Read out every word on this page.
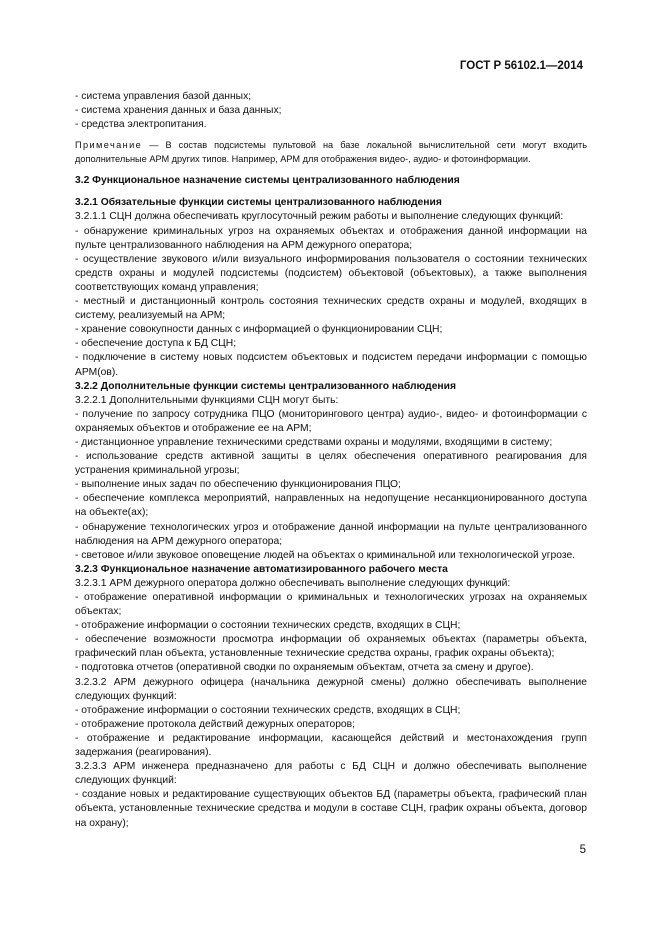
ГОСТ Р 56102.1—2014

- система управления базой данных;

- система хранения данных и база данных;

- средства электропитания.

Примечание — В состав подсистемы пультовой на базе локальной вычислительной сети могут входить дополнительные АРМ других типов. Например, АРМ для отображения видео-, аудио- и фотоинформации.

3.2 Функциональное назначение системы централизованного наблюдения

3.2.1 Обязательные функции системы централизованного наблюдения

3.2.1.1 СЦН должна обеспечивать круглосуточный режим работы и выполнение следующих функций:

- обнаружение криминальных угроз на охраняемых объектах и отображения данной информации на пульте централизованного наблюдения на АРМ дежурного оператора;

- осуществление звукового и/или визуального информирования пользователя о состоянии технических средств охраны и модулей подсистемы (подсистем) объектовой (объектовых), а также выполнения соответствующих команд управления;

- местный и дистанционный контроль состояния технических средств охраны и модулей, входящих в систему, реализуемый на АРМ;

- хранение совокупности данных с информацией о функционировании СЦН;

- обеспечение доступа к БД СЦН;

- подключение в систему новых подсистем объектовых и подсистем передачи информации с помощью АРМ(ов).

3.2.2 Дополнительные функции системы централизованного наблюдения

3.2.2.1 Дополнительными функциями СЦН могут быть:

- получение по запросу сотрудника ПЦО (мониторингового центра) аудио-, видео- и фотоинформации с охраняемых объектов и отображение ее на АРМ;

- дистанционное управление техническими средствами охраны и модулями, входящими в систему;

- использование средств активной защиты в целях обеспечения оперативного реагирования для устранения криминальной угрозы;

- выполнение иных задач по обеспечению функционирования ПЦО;

- обеспечение комплекса мероприятий, направленных на недопущение несанкционированного доступа на объекте(ах);

- обнаружение технологических угроз и отображение данной информации на пульте централизованного наблюдения на АРМ дежурного оператора;

- световое и/или звуковое оповещение людей на объектах о криминальной или технологической угрозе.

3.2.3 Функциональное назначение автоматизированного рабочего места

3.2.3.1 АРМ дежурного оператора должно обеспечивать выполнение следующих функций:

- отображение оперативной информации о криминальных и технологических угрозах на охраняемых объектах;

- отображение информации о состоянии технических средств, входящих в СЦН;

- обеспечение возможности просмотра информации об охраняемых объектах (параметры объекта, графический план объекта, установленные технические средства охраны, график охраны объекта);

- подготовка отчетов (оперативной сводки по охраняемым объектам, отчета за смену и другое).

3.2.3.2 АРМ дежурного офицера (начальника дежурной смены) должно обеспечивать выполнение следующих функций:

- отображение информации о состоянии технических средств, входящих в СЦН;

- отображение протокола действий дежурных операторов;

- отображение и редактирование информации, касающейся действий и местонахождения групп задержания (реагирования).

3.2.3.3 АРМ инженера предназначено для работы с БД СЦН и должно обеспечивать выполнение следующих функций:

- создание новых и редактирование существующих объектов БД (параметры объекта, графический план объекта, установленные технические средства и модули в составе СЦН, график охраны объекта, договор на охрану);

5
